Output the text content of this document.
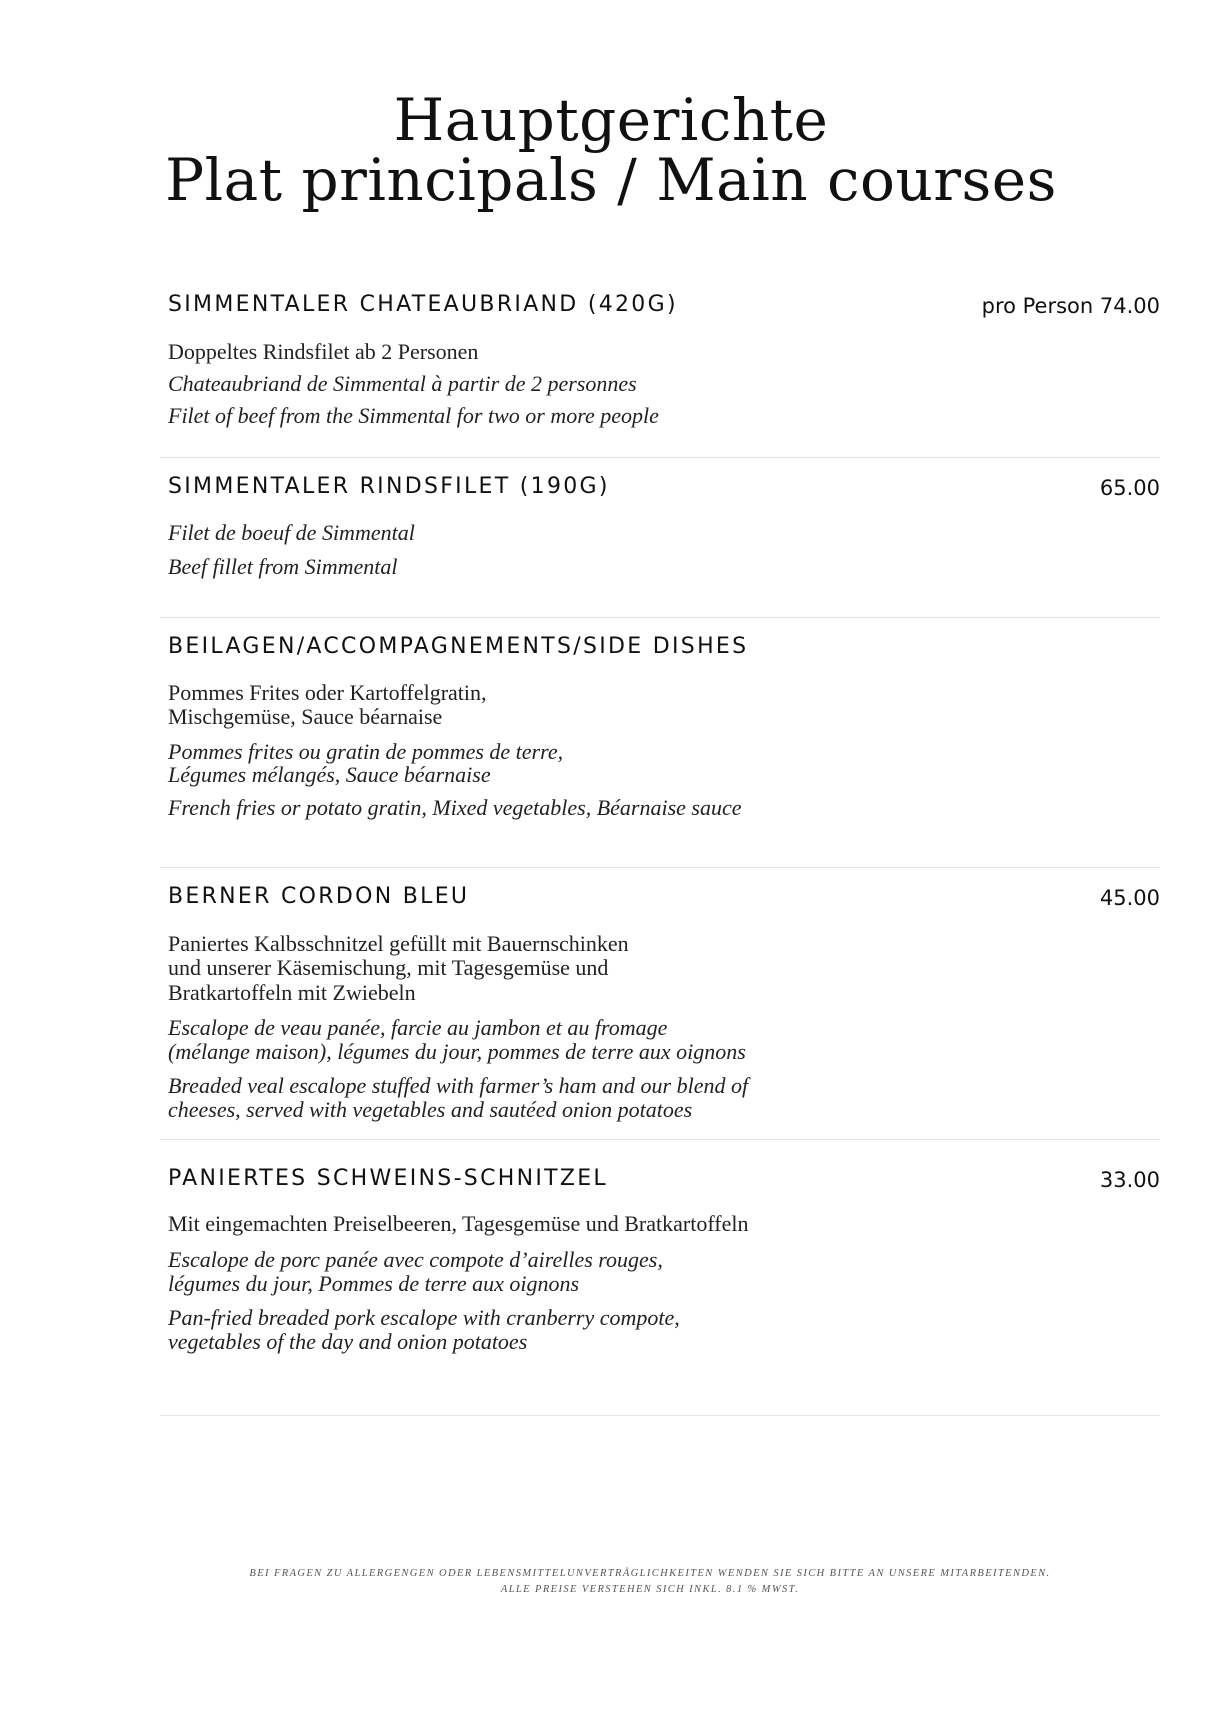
Hauptgerichte
Plat principals / Main courses
SIMMENTALER CHATEAUBRIAND (420G)	pro Person 74.00
Doppeltes Rindsfilet ab 2 Personen
Chateaubriand de Simmental à partir de 2 personnes
Filet of beef from the Simmental for two or more people
SIMMENTALER RINDSFILET (190G)	65.00
Filet de boeuf de Simmental
Beef fillet from Simmental
BEILAGEN/ACCOMPAGNEMENTS/SIDE DISHES
Pommes Frites oder Kartoffelgratin,
Mischgemüse, Sauce béarnaise
Pommes frites ou gratin de pommes de terre,
Légumes mélangés, Sauce béarnaise
French fries or potato gratin, Mixed vegetables, Béarnaise sauce
BERNER CORDON BLEU	45.00
Paniertes Kalbsschnitzel gefüllt mit Bauernschinken
und unserer Käsemischung, mit Tagesgemüse und
Bratkartoffeln mit Zwiebeln
Escalope de veau panée, farcie au jambon et au fromage
(mélange maison), légumes du jour, pommes de terre aux oignons
Breaded veal escalope stuffed with farmer’s ham and our blend of
cheeses, served with vegetables and sautéed onion potatoes
PANIERTES SCHWEINS-SCHNITZEL	33.00
Mit eingemachten Preiselbeeren, Tagesgemüse und Bratkartoffeln
Escalope de porc panée avec compote d’airelles rouges,
légumes du jour, Pommes de terre aux oignons
Pan-fried breaded pork escalope with cranberry compote,
vegetables of the day and onion potatoes
BEI FRAGEN ZU ALLERGENGEN ODER LEBENSMITTELUNVERTRÄGLICHKEITEN WENDEN SIE SICH BITTE AN UNSERE MITARBEITENDEN.
ALLE PREISE VERSTEHEN SICH INKL. 8.1 % MWST.
